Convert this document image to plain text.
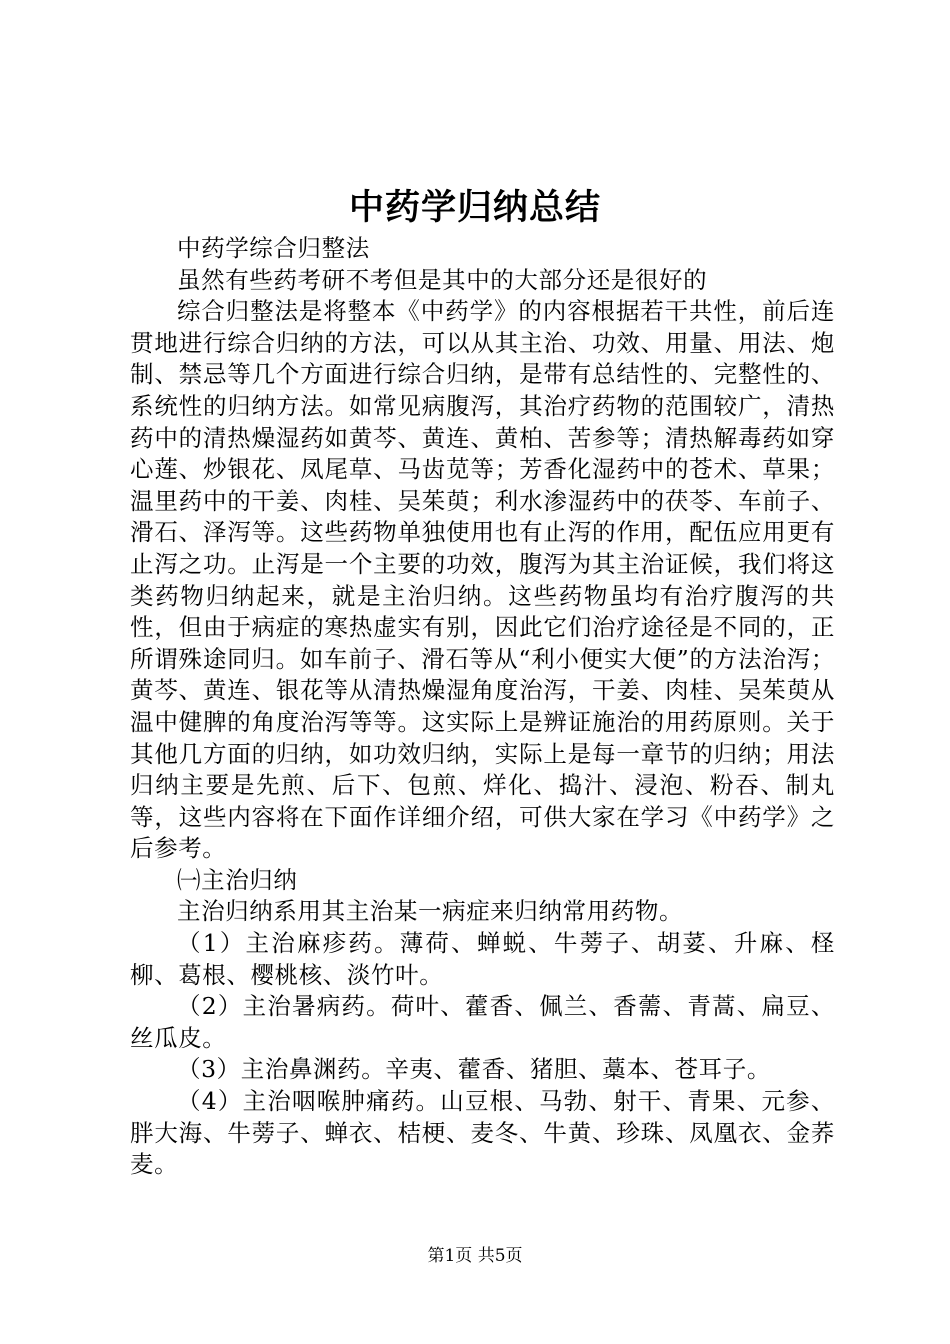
中药学归纳总结

中药学综合归整法

虽然有些药考研不考但是其中的大部分还是很好的

综合归整法是将整本《中药学》的内容根据若干共性，前后连贯地进行综合归纳的方法，可以从其主治、功效、用量、用法、炮制、禁忌等几个方面进行综合归纳，是带有总结性的、完整性的、系统性的归纳方法。如常见病腹泻，其治疗药物的范围较广，清热药中的清热燥湿药如黄芩、黄连、黄柏、苦参等；清热解毒药如穿心莲、炒银花、凤尾草、马齿苋等；芳香化湿药中的苍术、草果；温里药中的干姜、肉桂、吴茱萸；利水渗湿药中的茯苓、车前子、滑石、泽泻等。这些药物单独使用也有止泻的作用，配伍应用更有止泻之功。止泻是一个主要的功效，腹泻为其主治证候，我们将这类药物归纳起来，就是主治归纳。这些药物虽均有治疗腹泻的共性，但由于病症的寒热虚实有别，因此它们治疗途径是不同的，正所谓殊途同归。如车前子、滑石等从“利小便实大便”的方法治泻；黄芩、黄连、银花等从清热燥湿角度治泻，干姜、肉桂、吴茱萸从温中健脾的角度治泻等等。这实际上是辨证施治的用药原则。关于其他几方面的归纳，如功效归纳，实际上是每一章节的归纳；用法归纳主要是先煎、后下、包煎、烊化、捣汁、浸泡、粉吞、制丸等，这些内容将在下面作详细介绍，可供大家在学习《中药学》之后参考。

㈠主治归纳

主治归纳系用其主治某一病症来归纳常用药物。

（1）主治麻疹药。薄荷、蝉蜕、牛蒡子、胡荽、升麻、柽柳、葛根、樱桃核、淡竹叶。

（2）主治暑病药。荷叶、藿香、佩兰、香薷、青蒿、扁豆、丝瓜皮。

（3）主治鼻渊药。辛夷、藿香、猪胆、藁本、苍耳子。

（4）主治咽喉肿痛药。山豆根、马勃、射干、青果、元参、胖大海、牛蒡子、蝉衣、桔梗、麦冬、牛黄、珍珠、凤凰衣、金荞麦。

第1页 共5页
